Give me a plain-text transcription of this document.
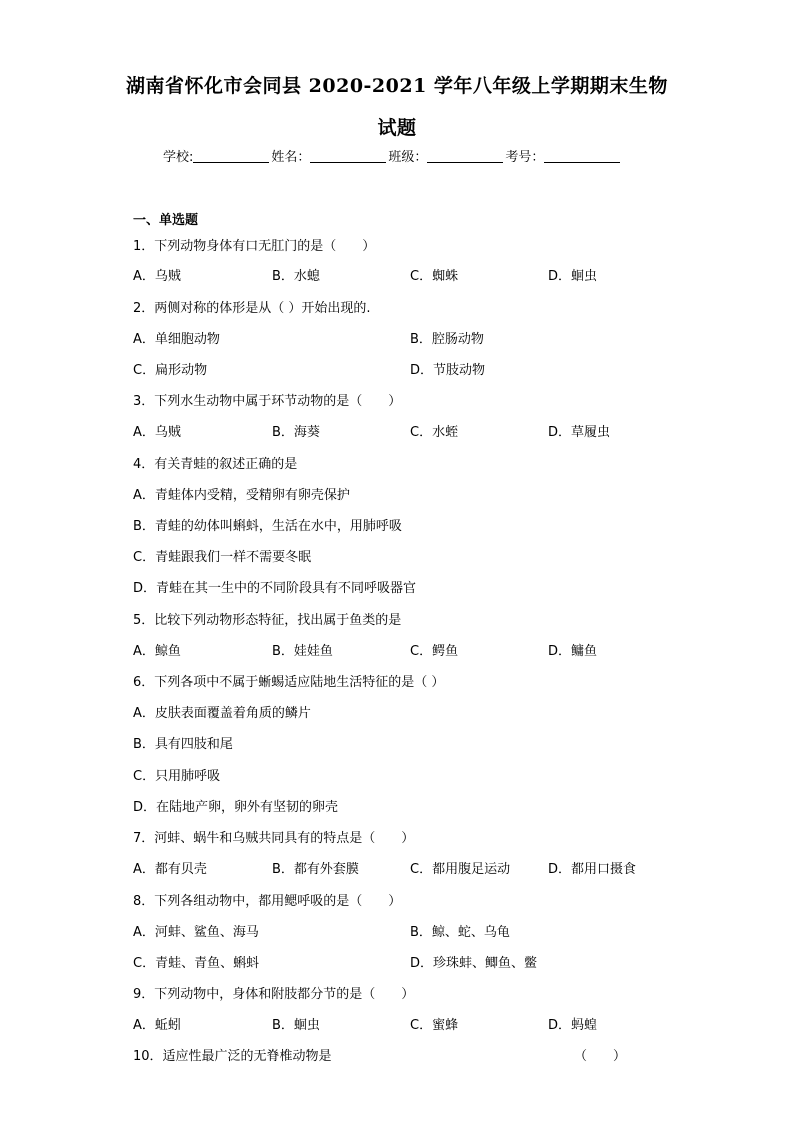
湖南省怀化市会同县 2020-2021 学年八年级上学期期末生物
试题
学校:	姓名：	班级：	考号：
一、单选题
1．下列动物身体有口无肛门的是（　　）
A．乌贼	B．水螅	C．蜘蛛	D．蛔虫
2．两侧对称的体形是从（ ）开始出现的.
A．单细胞动物	B．腔肠动物
C．扁形动物	D．节肢动物
3．下列水生动物中属于环节动物的是（　　）
A．乌贼	B．海葵	C．水蛭	D．草履虫
4．有关青蛙的叙述正确的是
A．青蛙体内受精，受精卵有卵壳保护
B．青蛙的幼体叫蝌蚪，生活在水中，用肺呼吸
C．青蛙跟我们一样不需要冬眠
D．青蛙在其一生中的不同阶段具有不同呼吸器官
5．比较下列动物形态特征，找出属于鱼类的是
A．鲸鱼	B．娃娃鱼	C．鳄鱼	D．鳙鱼
6．下列各项中不属于蜥蜴适应陆地生活特征的是（ ）
A．皮肤表面覆盖着角质的鳞片
B．具有四肢和尾
C．只用肺呼吸
D．在陆地产卵，卵外有坚韧的卵壳
7．河蚌、蜗牛和乌贼共同具有的特点是（　　）
A．都有贝壳	B．都有外套膜	C．都用腹足运动	D．都用口摄食
8．下列各组动物中，都用鳃呼吸的是（　　）
A．河蚌、鲨鱼、海马	B．鲸、蛇、乌龟
C．青蛙、青鱼、蝌蚪	D．珍珠蚌、鲫鱼、鳖
9．下列动物中，身体和附肢都分节的是（　　）
A．蚯蚓	B．蛔虫	C．蜜蜂	D．蚂蝗
10．适应性最广泛的无脊椎动物是	（　　）
